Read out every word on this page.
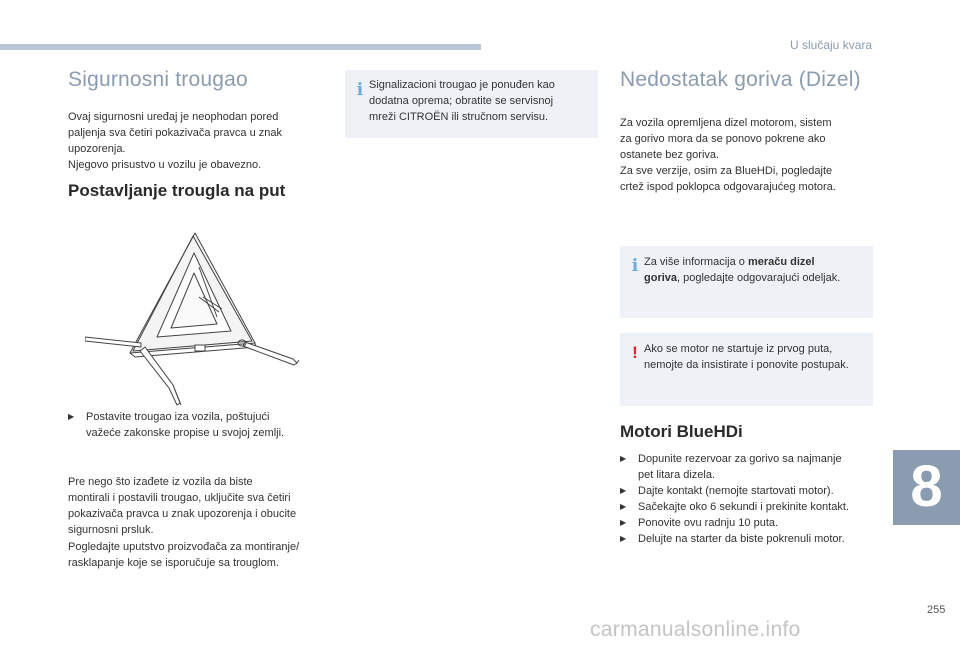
U slučaju kvara
Sigurnosni trougao

Ovaj sigurnosni uređaj je neophodan pored
paljenja sva četiri pokazivača pravca u znak
upozorenja.
Njegovo prisustvo u vozilu je obavezno.

Postavljanje trougla na put
▶	Postavite trougao iza vozila, poštujući
važeće zakonske propise u svojoj zemlji.

Pre nego što izađete iz vozila da biste
montirali i postavili trougao, uključite sva četiri
pokazivača pravca u znak upozorenja i obucite
sigurnosni prsluk.

Pogledajte uputstvo proizvođača za montiranje/
rasklapanje koje se isporučuje sa trouglom.

i Signalizacioni trougao je ponuđen kao
dodatna oprema; obratite se servisnoj
mreži CITROËN ili stručnom servisu.
Nedostatak goriva (Dizel)

Za vozila opremljena dizel motorom, sistem
za gorivo mora da se ponovo pokrene ako
ostanete bez goriva.
Za sve verzije, osim za BlueHDi, pogledajte
crtež ispod poklopca odgovarajućeg motora.

i Za više informacija o meraču dizel
goriva, pogledajte odgovarajući odeljak.
! Ako se motor ne startuje iz prvog puta,
nemojte da insistirate i ponovite postupak.
Motori BlueHDi
▶	Dopunite rezervoar za gorivo sa najmanje
pet litara dizela.
▶	Dajte kontakt (nemojte startovati motor).
▶	Sačekajte oko 6 sekundi i prekinite kontakt.
▶	Ponovite ovu radnju 10 puta.
▶	Delujte na starter da biste pokrenuli motor.
8
255
carmanualsonline.info
